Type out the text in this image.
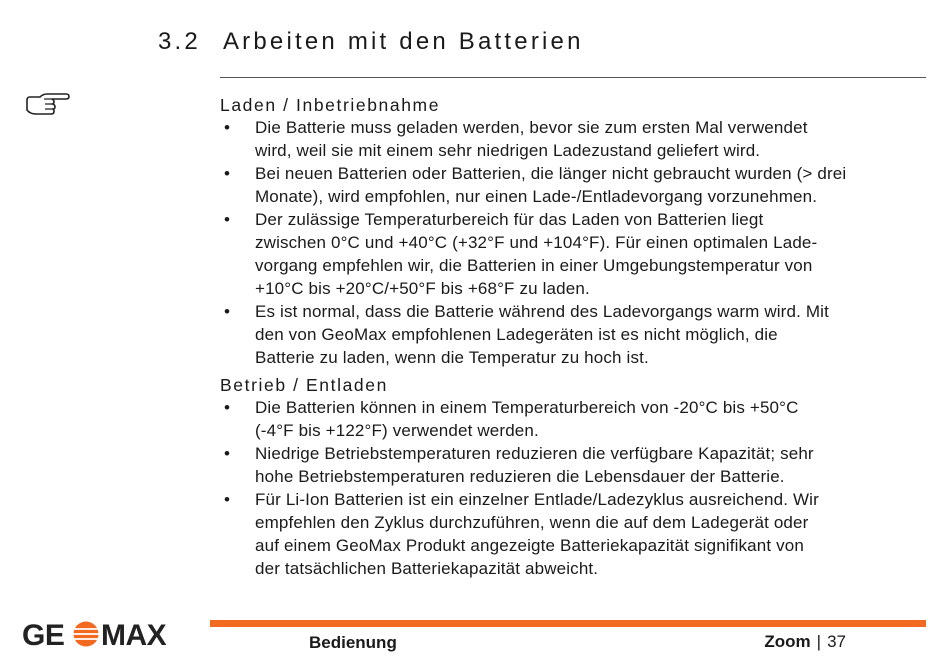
3.2 Arbeiten mit den Batterien

Laden / Inbetriebnahme

• Die Batterie muss geladen werden, bevor sie zum ersten Mal verwendet
wird, weil sie mit einem sehr niedrigen Ladezustand geliefert wird.
• Bei neuen Batterien oder Batterien, die länger nicht gebraucht wurden (> drei
Monate), wird empfohlen, nur einen Lade-/Entladevorgang vorzunehmen.
• Der zulässige Temperaturbereich für das Laden von Batterien liegt
zwischen 0°C und +40°C (+32°F und +104°F). Für einen optimalen Lade-
vorgang empfehlen wir, die Batterien in einer Umgebungstemperatur von
+10°C bis +20°C/+50°F bis +68°F zu laden.
• Es ist normal, dass die Batterie während des Ladevorgangs warm wird. Mit
den von GeoMax empfohlenen Ladegeräten ist es nicht möglich, die
Batterie zu laden, wenn die Temperatur zu hoch ist.

Betrieb / Entladen

• Die Batterien können in einem Temperaturbereich von -20°C bis +50°C
(-4°F bis +122°F) verwendet werden.
• Niedrige Betriebstemperaturen reduzieren die verfügbare Kapazität; sehr
hohe Betriebstemperaturen reduzieren die Lebensdauer der Batterie.
• Für Li-Ion Batterien ist ein einzelner Entlade/Ladezyklus ausreichend. Wir
empfehlen den Zyklus durchzuführen, wenn die auf dem Ladegerät oder
auf einem GeoMax Produkt angezeigte Batteriekapazität signifikant von
der tatsächlichen Batteriekapazität abweicht.
GE MAX	Bedienung	Zoom | 37
